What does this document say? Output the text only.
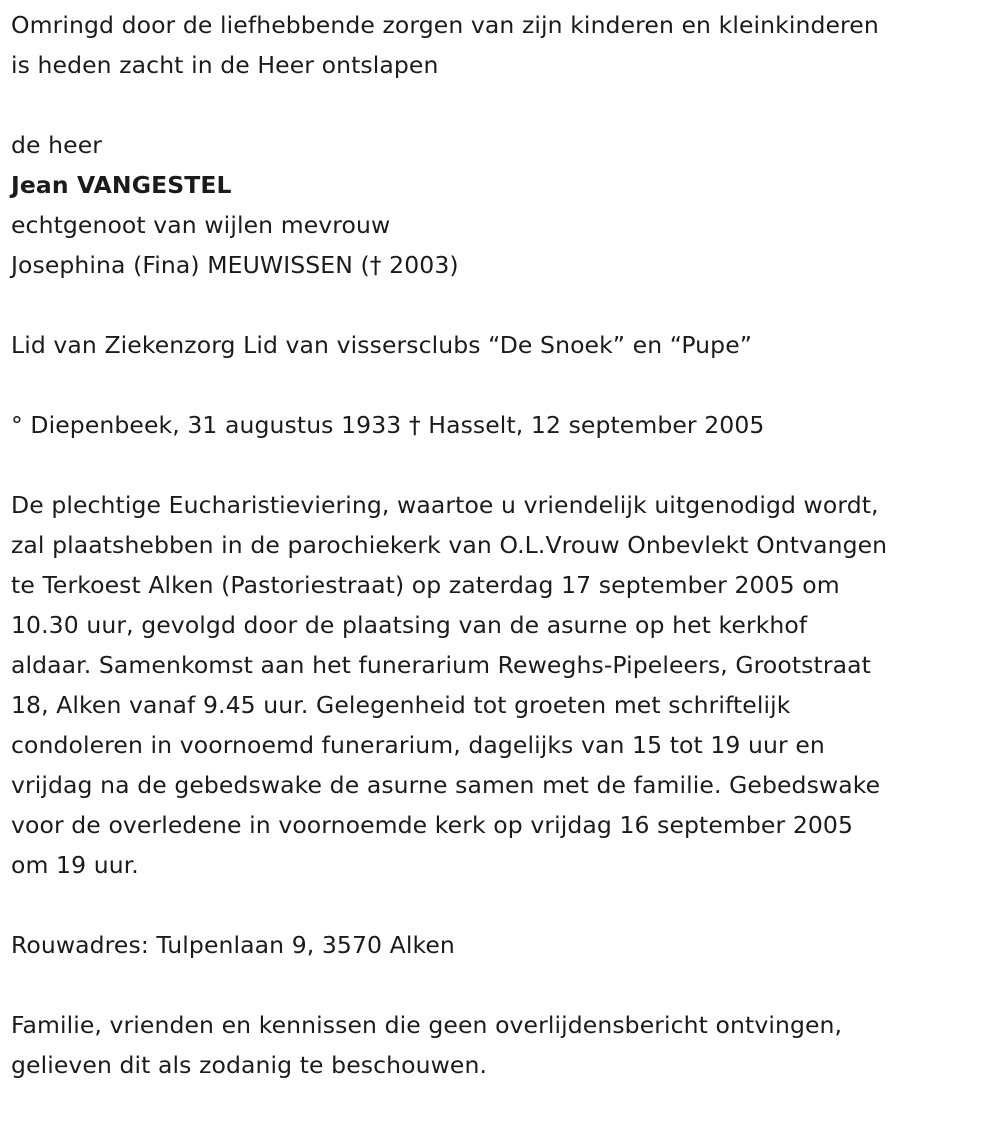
Omringd door de liefhebbende zorgen van zijn kinderen en kleinkinderen
is heden zacht in de Heer ontslapen

de heer
Jean VANGESTEL
echtgenoot van wijlen mevrouw
Josephina (Fina) MEUWISSEN († 2003)

Lid van Ziekenzorg Lid van vissersclubs “De Snoek” en “Pupe”

° Diepenbeek, 31 augustus 1933 † Hasselt, 12 september 2005

De plechtige Eucharistieviering, waartoe u vriendelijk uitgenodigd wordt,
zal plaatshebben in de parochiekerk van O.L.Vrouw Onbevlekt Ontvangen
te Terkoest Alken (Pastoriestraat) op zaterdag 17 september 2005 om
10.30 uur, gevolgd door de plaatsing van de asurne op het kerkhof
aldaar. Samenkomst aan het funerarium Reweghs-Pipeleers, Grootstraat
18, Alken vanaf 9.45 uur. Gelegenheid tot groeten met schriftelijk
condoleren in voornoemd funerarium, dagelijks van 15 tot 19 uur en
vrijdag na de gebedswake de asurne samen met de familie. Gebedswake
voor de overledene in voornoemde kerk op vrijdag 16 september 2005
om 19 uur.

Rouwadres: Tulpenlaan 9, 3570 Alken

Familie, vrienden en kennissen die geen overlijdensbericht ontvingen,
gelieven dit als zodanig te beschouwen.
